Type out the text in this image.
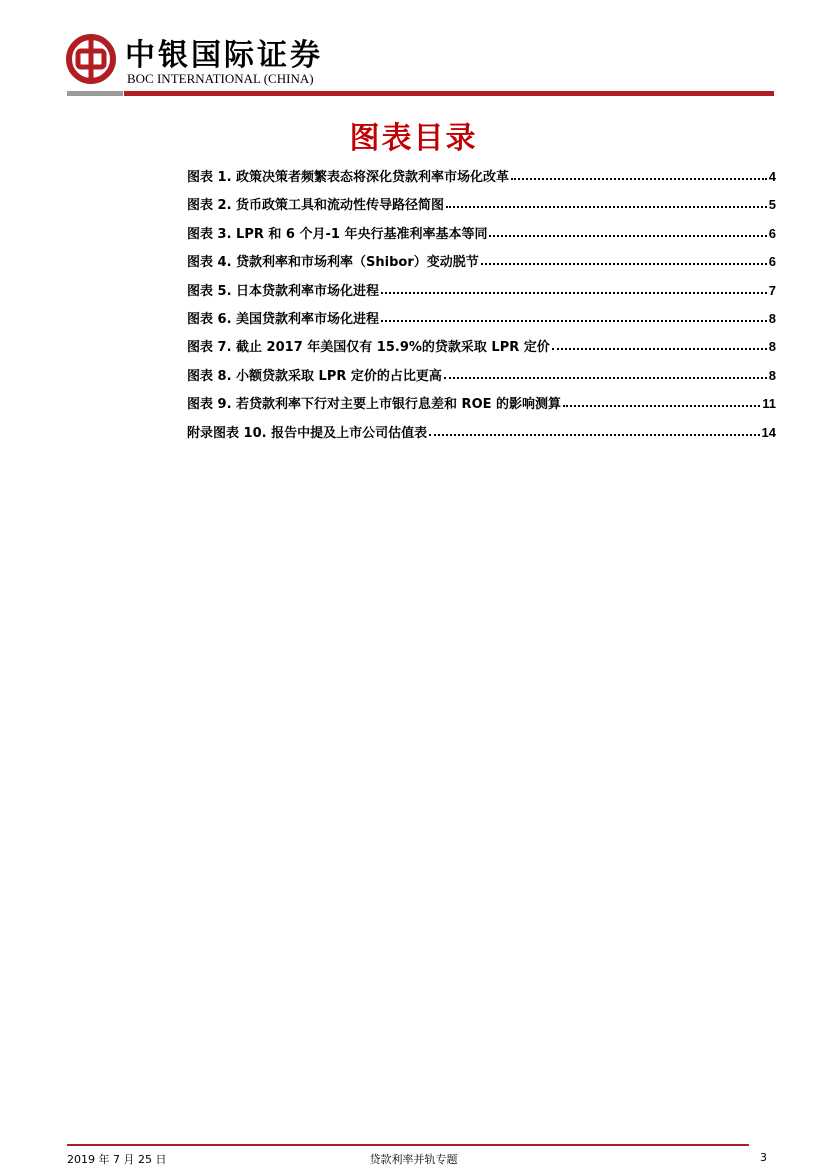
中银国际证券
BOC INTERNATIONAL (CHINA)
图表目录
图表 1. 政策决策者频繁表态将深化贷款利率市场化改革	4
图表 2. 货币政策工具和流动性传导路径简图	5
图表 3. LPR 和 6 个月-1 年央行基准利率基本等同	6
图表 4. 贷款利率和市场利率（Shibor）变动脱节	6
图表 5. 日本贷款利率市场化进程	7
图表 6. 美国贷款利率市场化进程	8
图表 7. 截止 2017 年美国仅有 15.9%的贷款采取 LPR 定价	8
图表 8. 小额贷款采取 LPR 定价的占比更高	8
图表 9. 若贷款利率下行对主要上市银行息差和 ROE 的影响测算	11
附录图表 10. 报告中提及上市公司估值表	14
2019 年 7 月 25 日	贷款利率并轨专题	3
